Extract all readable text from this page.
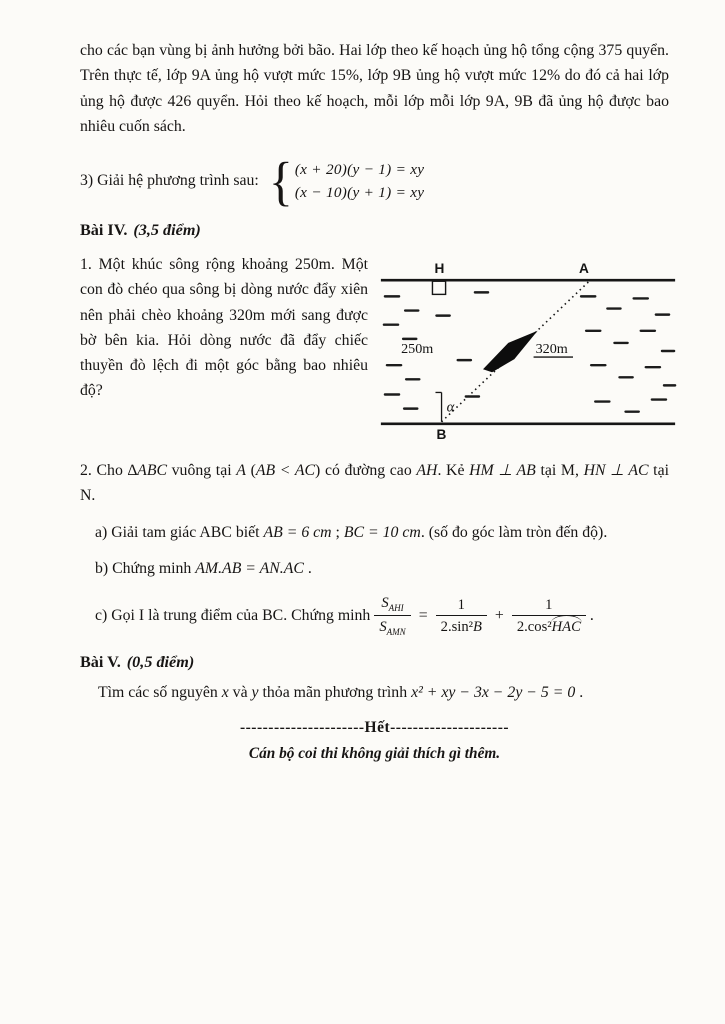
cho các bạn vùng bị ảnh hưởng bởi bão. Hai lớp theo kế hoạch ủng hộ tổng cộng 375 quyển. Trên thực tế, lớp 9A ủng hộ vượt mức 15%, lớp 9B ủng hộ vượt mức 12% do đó cả hai lớp ủng hộ được 426 quyển. Hỏi theo kế hoạch, mỗi lớp mỗi lớp 9A, 9B đã ủng hộ được bao nhiêu cuốn sách.

3) Giải hệ phương trình sau: { (x + 20)(y − 1) = xy
(x − 10)(y + 1) = xy
Bài IV. (3,5 điểm)

1. Một khúc sông rộng khoảng 250m. Một con đò chéo qua sông bị dòng nước đẩy xiên nên phải chèo khoảng 320m mới sang được bờ bên kia. Hỏi dòng nước đã đẩy chiếc thuyền đò lệch đi một góc bằng bao nhiêu độ?

H	A
B
250m	320m
α

2. Cho ∆ABC vuông tại A (AB < AC) có đường cao AH. Kẻ HM ⊥ AB tại M, HN ⊥ AC tại N.

a) Giải tam giác ABC biết AB = 6 cm ; BC = 10 cm. (số đo góc làm tròn đến độ).

b) Chứng minh AM.AB = AN.AC .

c) Gọi I là trung điểm của BC. Chứng minh $\frac{S_{AHI}}{S_{AMN}} = \frac{1}{\text{2.sin²B}} + \frac{1}{\text{2.cos²HAC}}$ .

Bài V. (0,5 điểm)

Tìm các số nguyên x và y thỏa mãn phương trình x² + xy − 3x − 2y − 5 = 0 .

----------------------Hết---------------------

Cán bộ coi thi không giải thích gì thêm.
